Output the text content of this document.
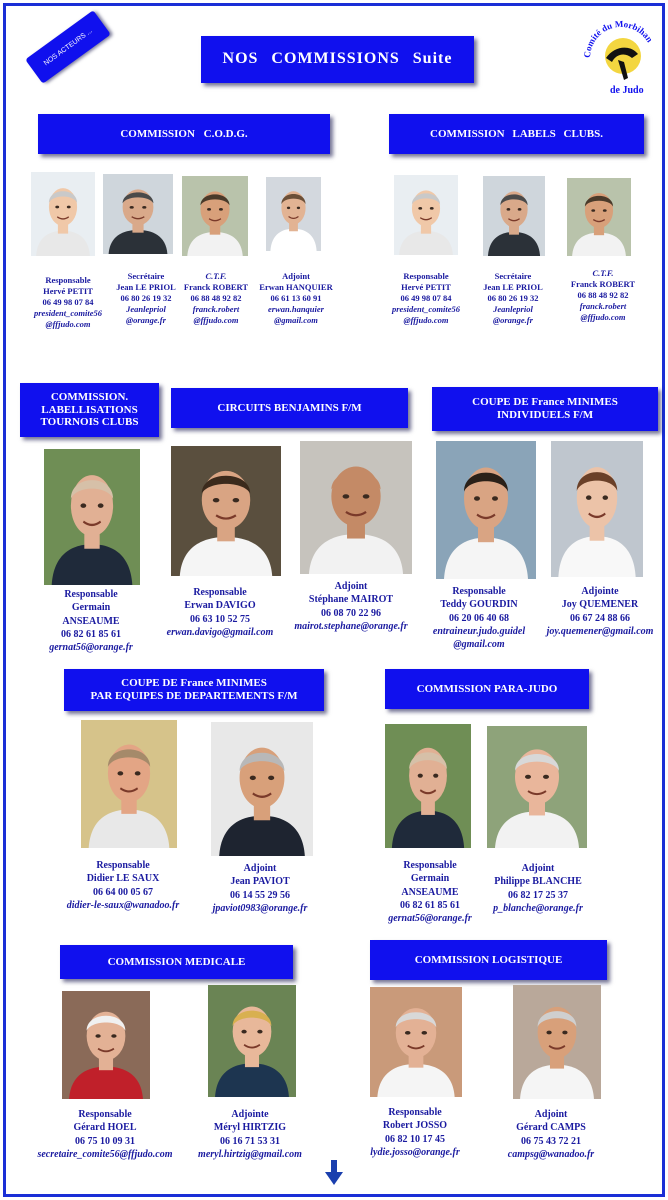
NOS ACTEURS ...	NOS COMMISSIONS Suite	Comité du Morbihan
de Judo
COMMISSION C.O.D.G.	COMMISSION LABELS CLUBS.
COMMISSION.
LABELLISATIONS
TOURNOIS CLUBS
CIRCUITS BENJAMINS F/M	COUPE DE France MINIMES
INDIVIDUELS F/M
COUPE DE France MINIMES
PAR EQUIPES DE DEPARTEMENTS F/M
COMMISSION PARA-JUDO
COMMISSION MEDICALE	COMMISSION LOGISTIQUE
Responsable
Hervé PETIT
06 49 98 07 84
president_comite56
@ffjudo.com
Secrétaire
Jean LE PRIOL
06 80 26 19 32
Jeanlepriol
@orange.fr
C.T.F.
Franck ROBERT
06 88 48 92 82
franck.robert
@ffjudo.com
Adjoint
Erwan HANQUIER
06 61 13 60 91
erwan.hanquier
@gmail.com
Responsable
Hervé PETIT
06 49 98 07 84
president_comite56
@ffjudo.com
Secrétaire
Jean LE PRIOL
06 80 26 19 32
Jeanlepriol
@orange.fr
C.T.F.
Franck ROBERT
06 88 48 92 82
franck.robert
@ffjudo.com
Responsable
Germain
ANSEAUME
06 82 61 85 61
gernat56@orange.fr
Responsable
Erwan DAVIGO
06 63 10 52 75
erwan.davigo@gmail.com
Adjoint
Stéphane MAIROT
06 08 70 22 96
mairot.stephane@orange.fr
Responsable
Teddy GOURDIN
06 20 06 40 68
entraineur.judo.guidel
@gmail.com
Adjointe
Joy QUEMENER
06 67 24 88 66
joy.quemener@gmail.com
Responsable
Didier LE SAUX
06 64 00 05 67
didier-le-saux@wanadoo.fr
Adjoint
Jean PAVIOT
06 14 55 29 56
jpaviot0983@orange.fr
Responsable
Germain
ANSEAUME
06 82 61 85 61
gernat56@orange.fr
Adjoint
Philippe BLANCHE
06 82 17 25 37
p_blanche@orange.fr
Responsable
Gérard HOEL
06 75 10 09 31
secretaire_comite56@ffjudo.com
Adjointe
Méryl HIRTZIG
06 16 71 53 31
meryl.hirtzig@gmail.com
Responsable
Robert JOSSO
06 82 10 17 45
lydie.josso@orange.fr
Adjoint
Gérard CAMPS
06 75 43 72 21
campsg@wanadoo.fr
